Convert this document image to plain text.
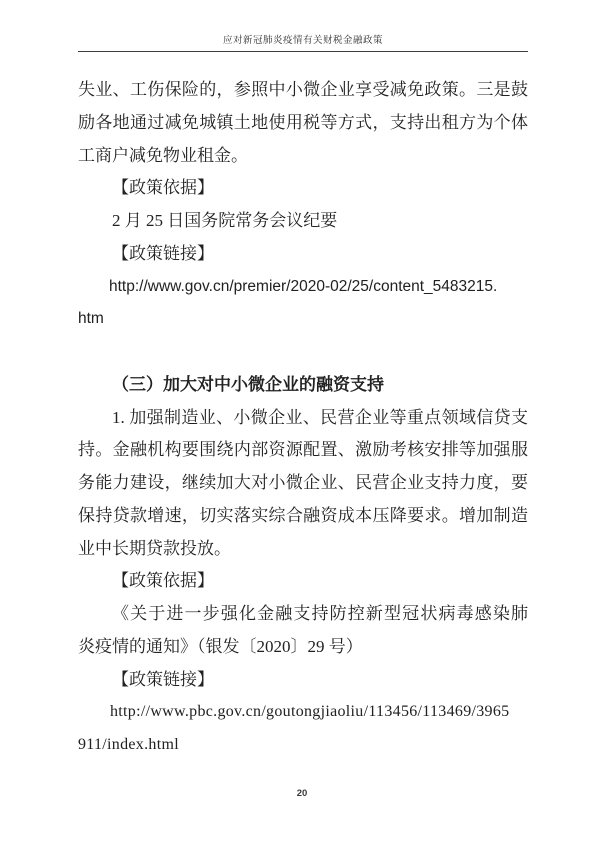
应对新冠肺炎疫情有关财税金融政策
失业、工伤保险的，参照中小微企业享受减免政策。三是鼓
励各地通过减免城镇土地使用税等方式，支持出租方为个体
工商户减免物业租金。
【政策依据】
2 月 25 日国务院常务会议纪要
【政策链接】
http://www.gov.cn/premier/2020-02/25/content_5483215.
htm
（三）加大对中小微企业的融资支持
1. 加强制造业、小微企业、民营企业等重点领域信贷支
持。金融机构要围绕内部资源配置、激励考核安排等加强服
务能力建设，继续加大对小微企业、民营企业支持力度，要
保持贷款增速，切实落实综合融资成本压降要求。增加制造
业中长期贷款投放。
【政策依据】
《关于进一步强化金融支持防控新型冠状病毒感染肺
炎疫情的通知》（银发〔2020〕29 号）
【政策链接】
http://www.pbc.gov.cn/goutongjiaoliu/113456/113469/3965
911/index.html
20
